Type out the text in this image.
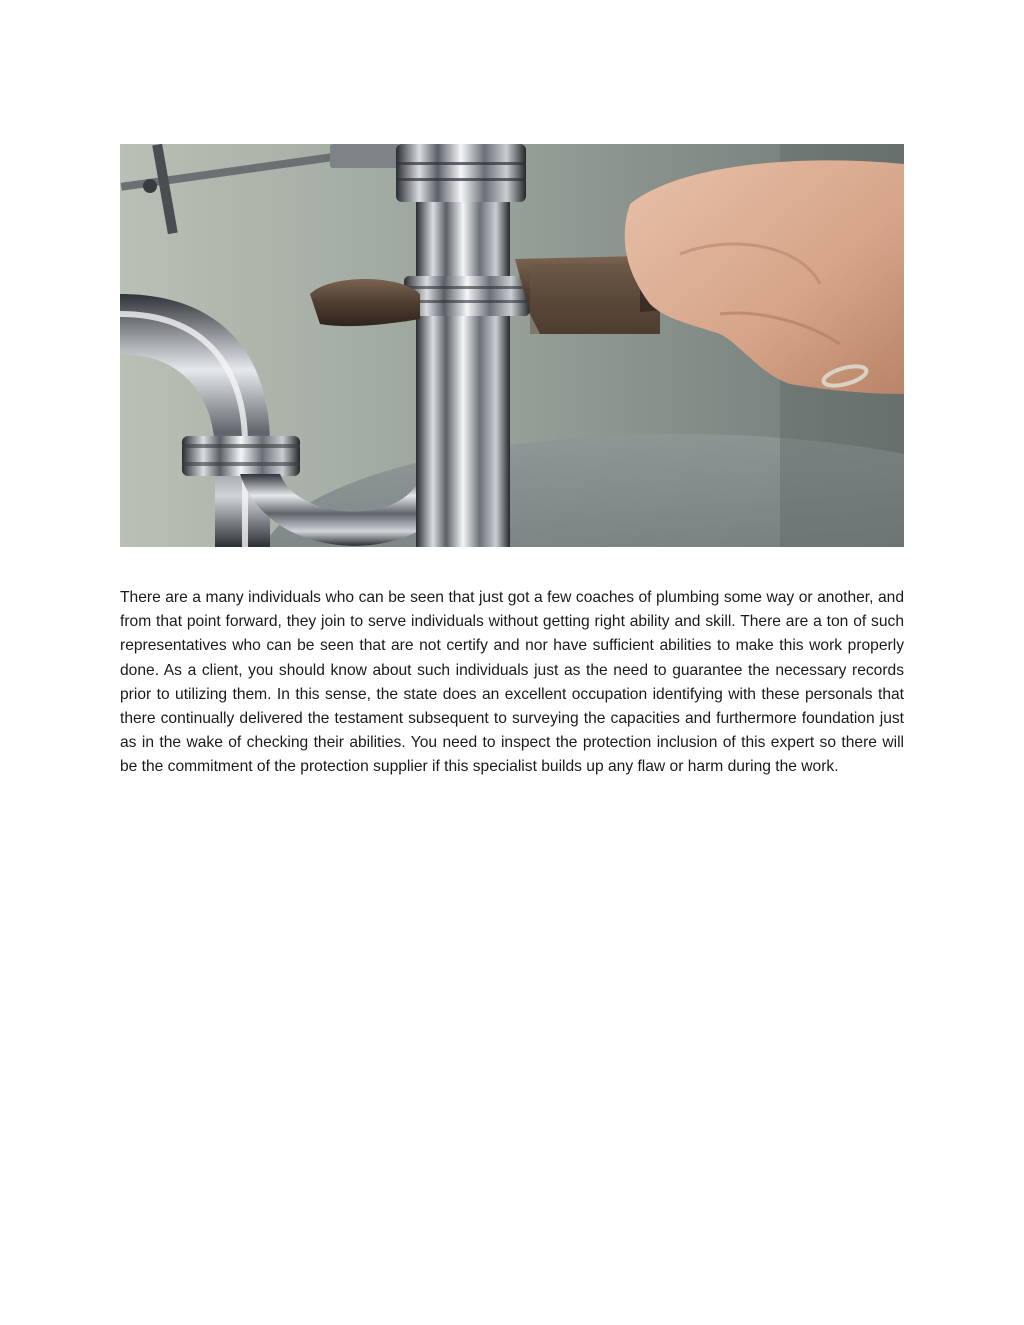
There are a many individuals who can be seen that just got a few coaches of plumbing some way or another, and from that point forward, they join to serve individuals without getting right ability and skill. There are a ton of such representatives who can be seen that are not certify and nor have sufficient abilities to make this work properly done. As a client, you should know about such individuals just as the need to guarantee the necessary records prior to utilizing them. In this sense, the state does an excellent occupation identifying with these personals that there continually delivered the testament subsequent to surveying the capacities and furthermore foundation just as in the wake of checking their abilities. You need to inspect the protection inclusion of this expert so there will be the commitment of the protection supplier if this specialist builds up any flaw or harm during the work.
